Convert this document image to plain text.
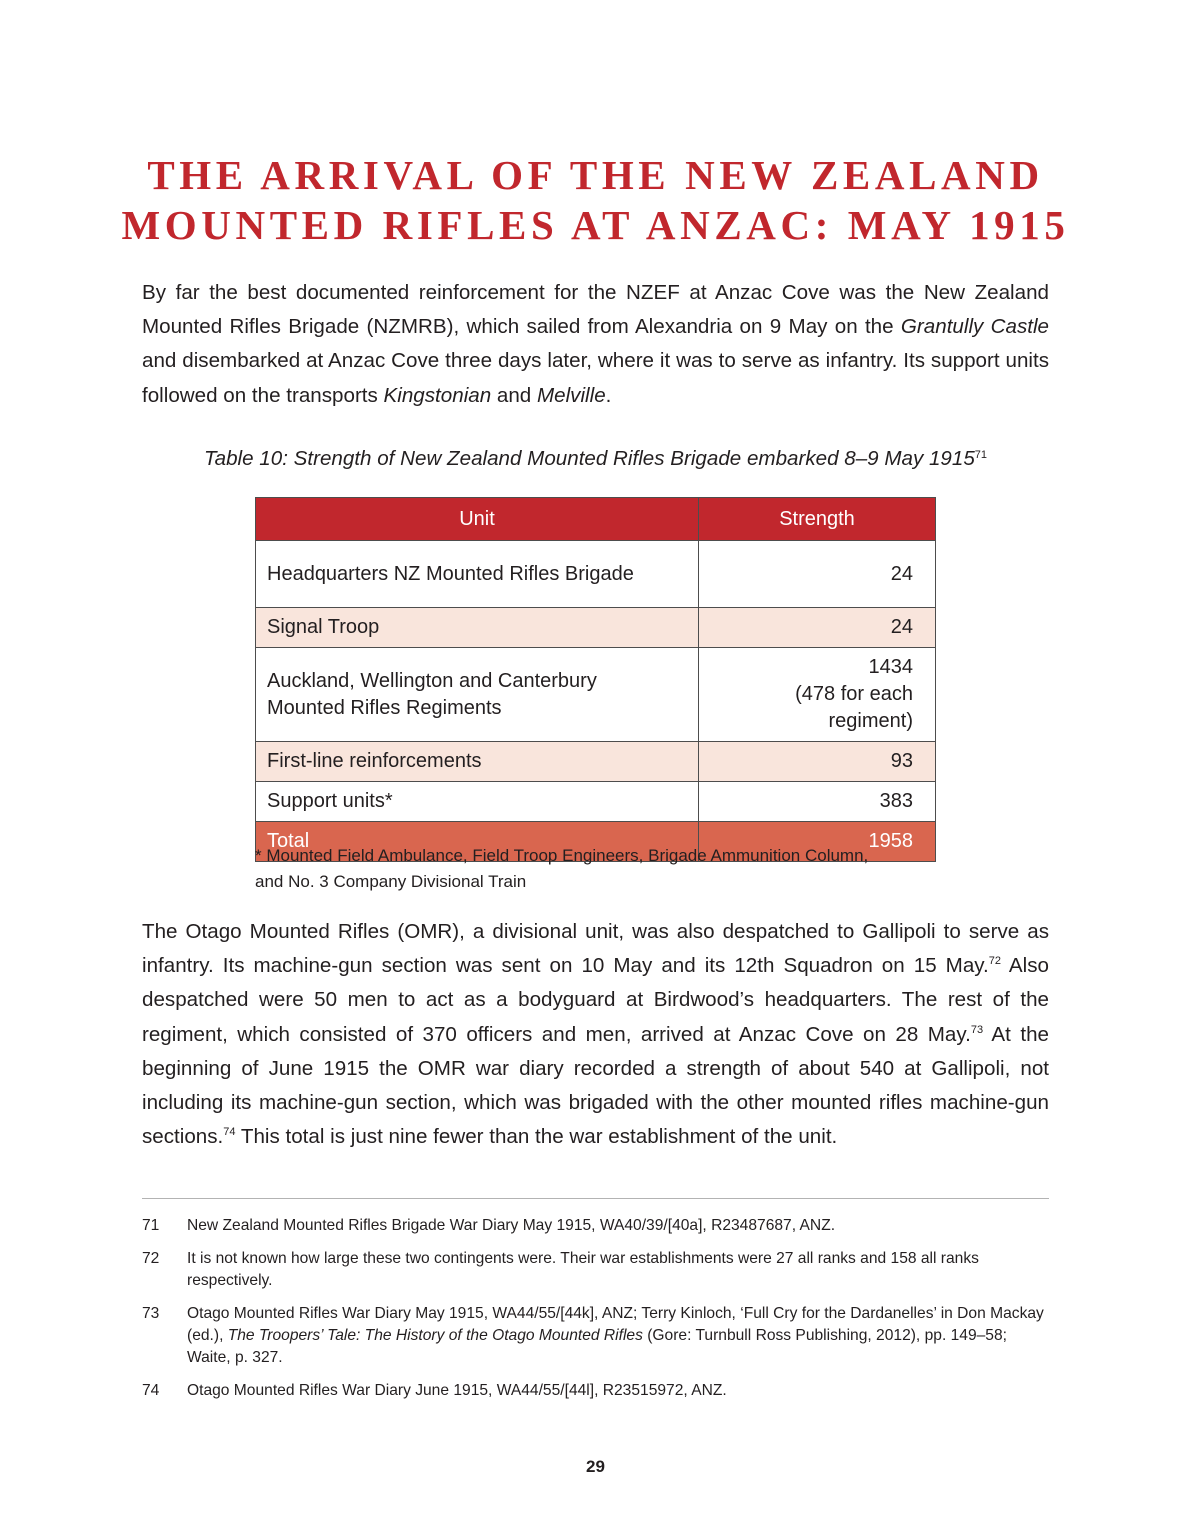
THE ARRIVAL OF THE NEW ZEALAND
MOUNTED RIFLES AT ANZAC: MAY 1915

By far the best documented reinforcement for the NZEF at Anzac Cove was the New Zealand Mounted Rifles Brigade (NZMRB), which sailed from Alexandria on 9 May on the Grantully Castle and disembarked at Anzac Cove three days later, where it was to serve as infantry. Its support units followed on the transports Kingstonian and Melville.

Table 10: Strength of New Zealand Mounted Rifles Brigade embarked 8–9 May 1915$^{71}$

Unit	Strength
Headquarters NZ Mounted Rifles Brigade	24
Signal Troop	24
Auckland, Wellington and Canterbury Mounted Rifles Regiments	1434
(478 for each regiment)
First-line reinforcements	93
Support units*	383
Total	1958

* Mounted Field Ambulance, Field Troop Engineers, Brigade Ammunition Column,
and No. 3 Company Divisional Train

The Otago Mounted Rifles (OMR), a divisional unit, was also despatched to Gallipoli to serve as infantry. Its machine-gun section was sent on 10 May and its 12th Squadron on 15 May.$^{72}$ Also despatched were 50 men to act as a bodyguard at Birdwood’s headquarters. The rest of the regiment, which consisted of 370 officers and men, arrived at Anzac Cove on 28 May.$^{73}$ At the beginning of June 1915 the OMR war diary recorded a strength of about 540 at Gallipoli, not including its machine-gun section, which was brigaded with the other mounted rifles machine-gun sections.$^{74}$ This total is just nine fewer than the war establishment of the unit.

71	New Zealand Mounted Rifles Brigade War Diary May 1915, WA40/39/[40a], R23487687, ANZ.
72	It is not known how large these two contingents were. Their war establishments were 27 all ranks and 158 all ranks respectively.
73	Otago Mounted Rifles War Diary May 1915, WA44/55/[44k], ANZ; Terry Kinloch, ‘Full Cry for the Dardanelles’ in Don Mackay (ed.), The Troopers’ Tale: The History of the Otago Mounted Rifles (Gore: Turnbull Ross Publishing, 2012), pp. 149–58; Waite, p. 327.
74	Otago Mounted Rifles War Diary June 1915, WA44/55/[44l], R23515972, ANZ.
29
